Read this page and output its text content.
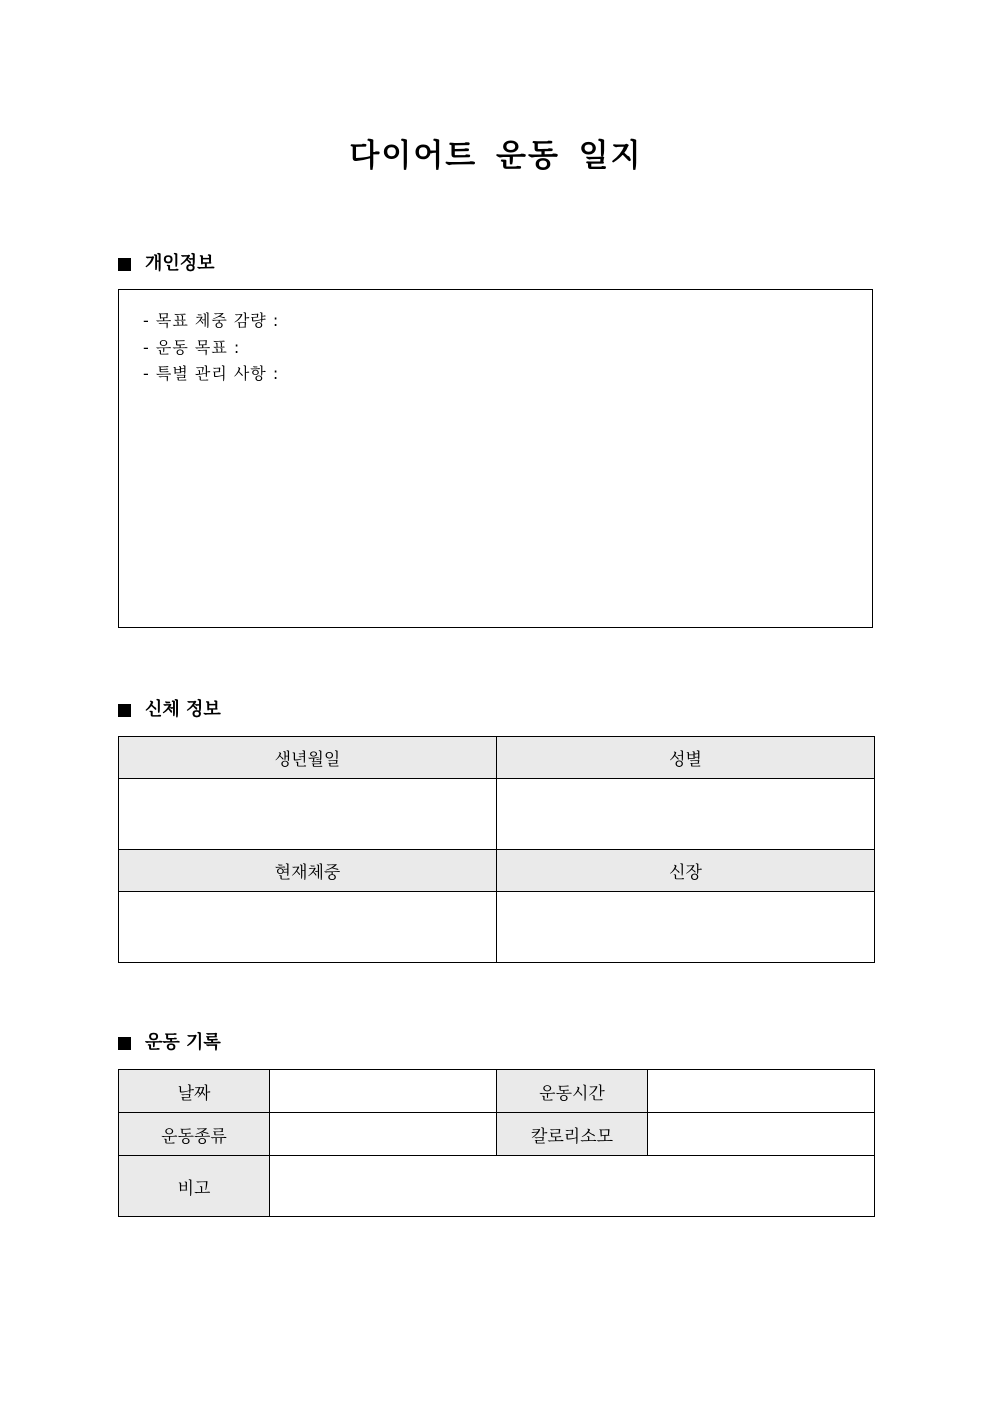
다이어트 운동 일지
개인정보
- 목표 체중 감량 :
- 운동 목표 :
- 특별 관리 사항 :
신체 정보
생년월일	성별

현재체중	신장

운동 기록
날짜		운동시간	
운동종류		칼로리소모	
비고			
